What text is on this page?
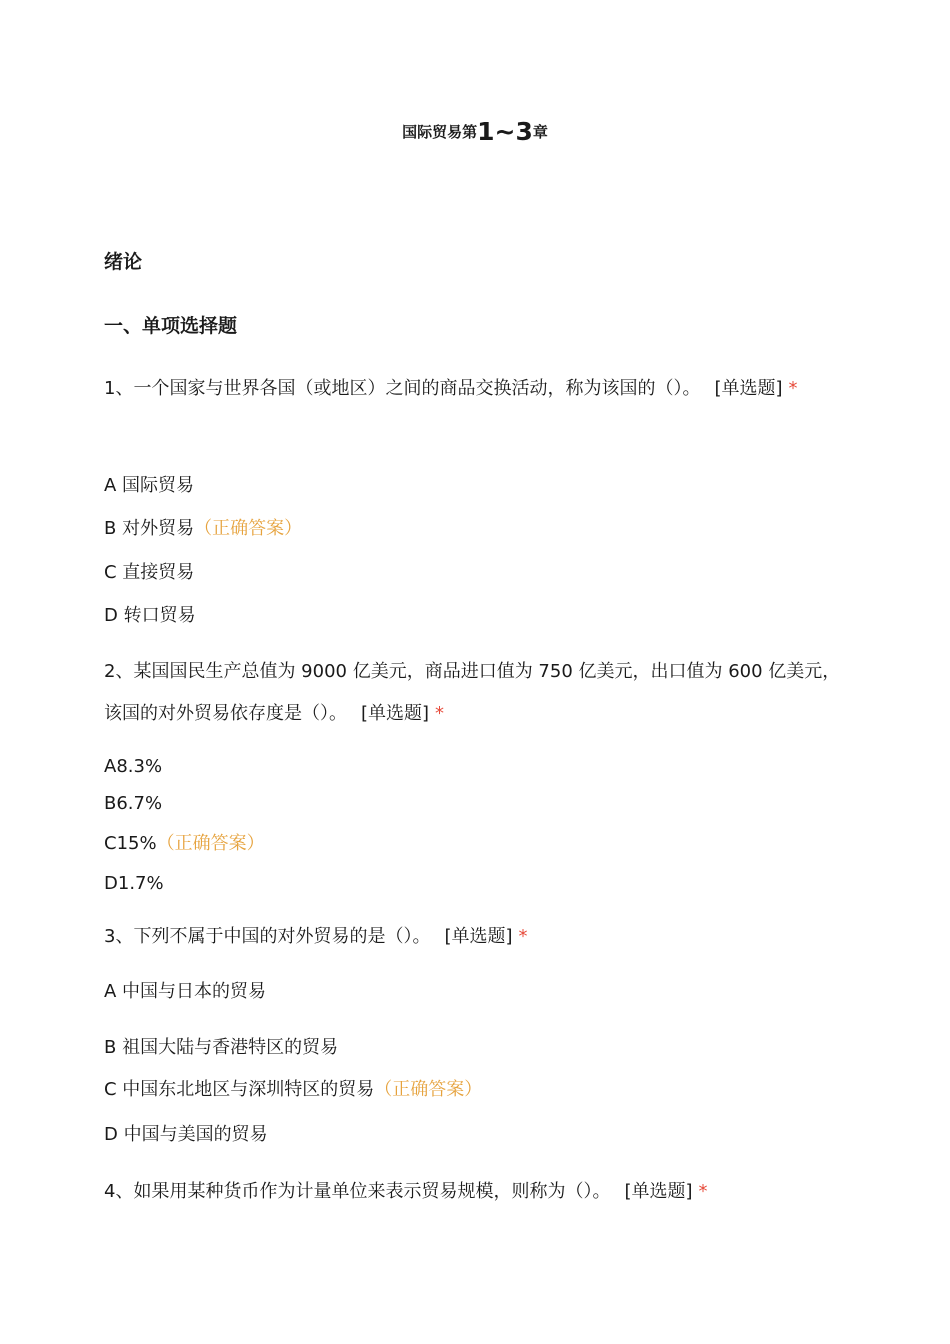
国际贸易第1~3章
绪论
一、单项选择题
1、一个国家与世界各国（或地区）之间的商品交换活动，称为该国的（）。 [单选题] *
A 国际贸易
B 对外贸易（正确答案）
C 直接贸易
D 转口贸易
2、某国国民生产总值为 9000 亿美元，商品进口值为 750 亿美元，出口值为 600 亿美元，该国的对外贸易依存度是（）。 [单选题] *
A8.3%
B6.7%
C15%（正确答案）
D1.7%
3、下列不属于中国的对外贸易的是（）。 [单选题] *
A 中国与日本的贸易
B 祖国大陆与香港特区的贸易
C 中国东北地区与深圳特区的贸易（正确答案）
D 中国与美国的贸易
4、如果用某种货币作为计量单位来表示贸易规模，则称为（）。 [单选题] *
